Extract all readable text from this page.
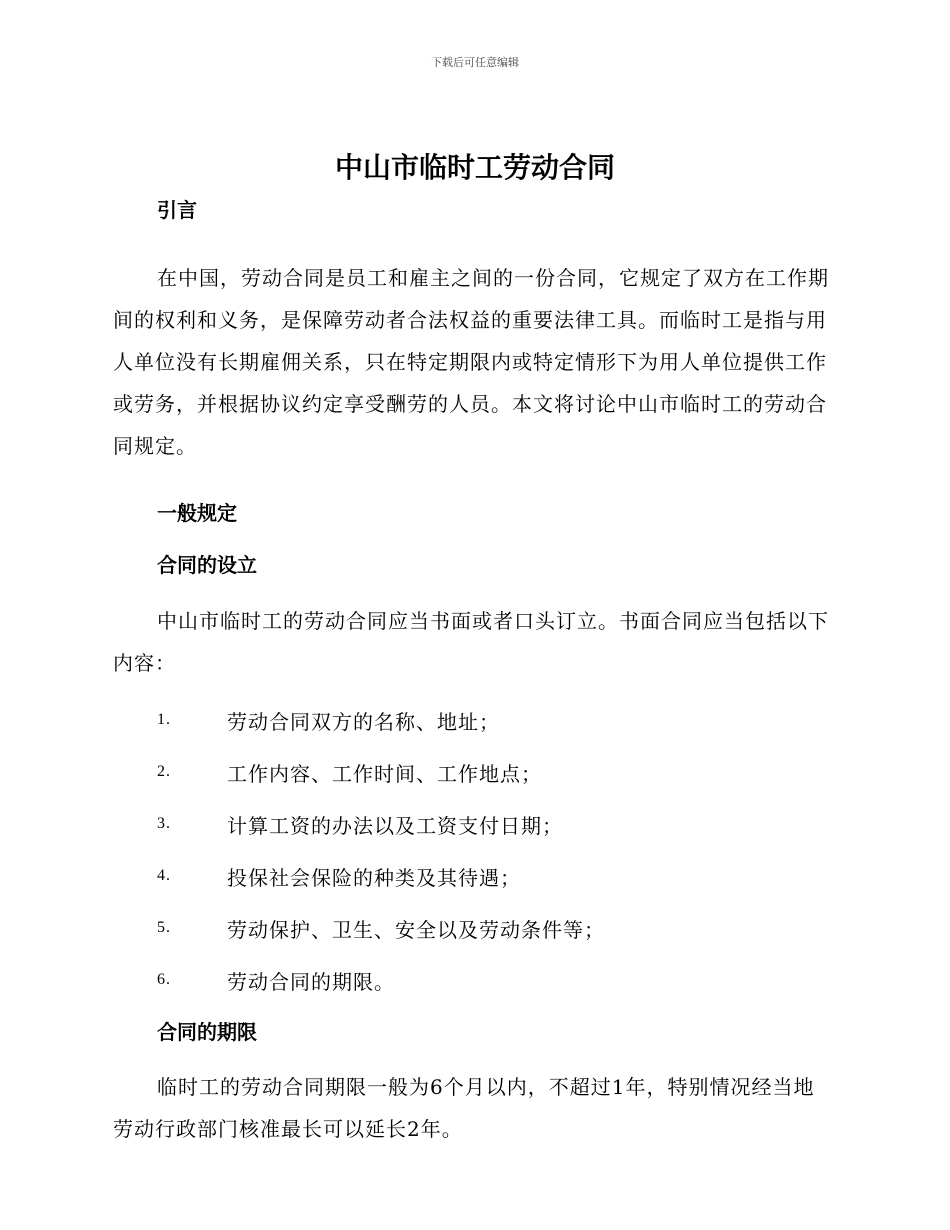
下载后可任意编辑
中山市临时工劳动合同
引言

在中国，劳动合同是员工和雇主之间的一份合同，它规定了双方在工作期间的权利和义务，是保障劳动者合法权益的重要法律工具。而临时工是指与用人单位没有长期雇佣关系，只在特定期限内或特定情形下为用人单位提供工作或劳务，并根据协议约定享受酬劳的人员。本文将讨论中山市临时工的劳动合同规定。

一般规定
合同的设立

中山市临时工的劳动合同应当书面或者口头订立。书面合同应当包括以下内容：

1.	劳动合同双方的名称、地址；
2.	工作内容、工作时间、工作地点；
3.	计算工资的办法以及工资支付日期；
4.	投保社会保险的种类及其待遇；
5.	劳动保护、卫生、安全以及劳动条件等；
6.	劳动合同的期限。
合同的期限

临时工的劳动合同期限一般为6个月以内，不超过1年，特别情况经当地劳动行政部门核准最长可以延长2年。
